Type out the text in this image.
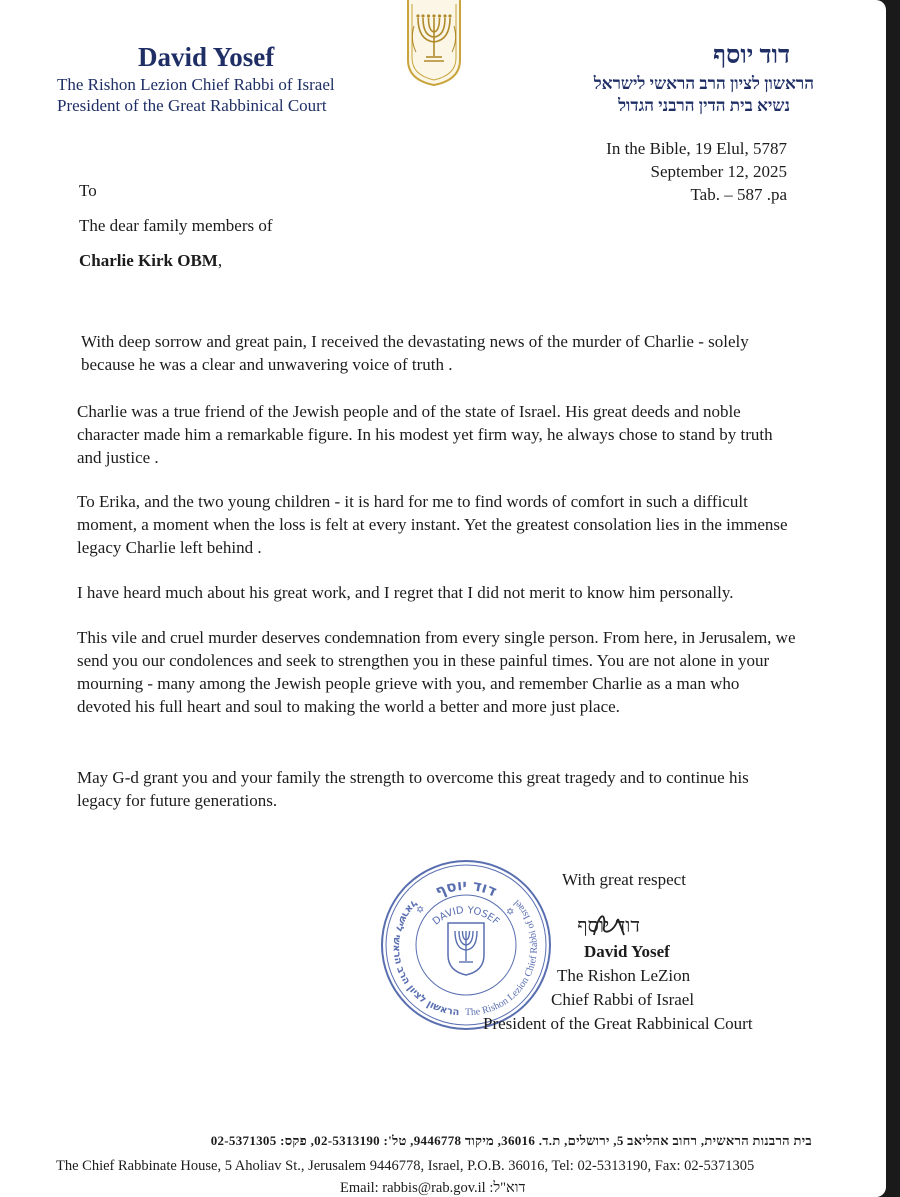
David Yosef
The Rishon Lezion Chief Rabbi of Israel
President of the Great Rabbinical Court
דוד יוסף
הראשון לציון הרב הראשי לישראל
נשיא בית הדין הרבני הגדול
In the Bible, 19 Elul, 5787
September 12, 2025
Tab. – 587 .pa
To
The dear family members of
Charlie Kirk OBM,
With deep sorrow and great pain, I received the devastating news of the murder of Charlie - solely because he was a clear and unwavering voice of truth .
Charlie was a true friend of the Jewish people and of the state of Israel. His great deeds and noble character made him a remarkable figure. In his modest yet firm way, he always chose to stand by truth and justice .
To Erika, and the two young children - it is hard for me to find words of comfort in such a difficult moment, a moment when the loss is felt at every instant. Yet the greatest consolation lies in the immense legacy Charlie left behind .
I have heard much about his great work, and I regret that I did not merit to know him personally.
This vile and cruel murder deserves condemnation from every single person. From here, in Jerusalem, we send you our condolences and seek to strengthen you in these painful times. You are not alone in your mourning - many among the Jewish people grieve with you, and remember Charlie as a man who devoted his full heart and soul to making the world a better and more just place.
May G-d grant you and your family the strength to overcome this great tragedy and to continue his legacy for future generations.
דוד יוסף
DAVID YOSEF
The Rishon Lezion Chief Rabbi of Israel
הראשון לציון הרב הראשי לישראל
✡	✡
With great respect
דוד יוסף
David Yosef
The Rishon LeZion
Chief Rabbi of Israel
President of the Great Rabbinical Court
בית הרבנות הראשית, רחוב אהליאב 5, ירושלים, ת.ד. 36016, מיקוד 9446778, טל': 02-5313190, פקס: 02-5371305
The Chief Rabbinate House, 5 Aholiav St., Jerusalem 9446778, Israel, P.O.B. 36016, Tel: 02-5313190, Fax: 02-5371305
Email: rabbis@rab.gov.il :דוא"ל
